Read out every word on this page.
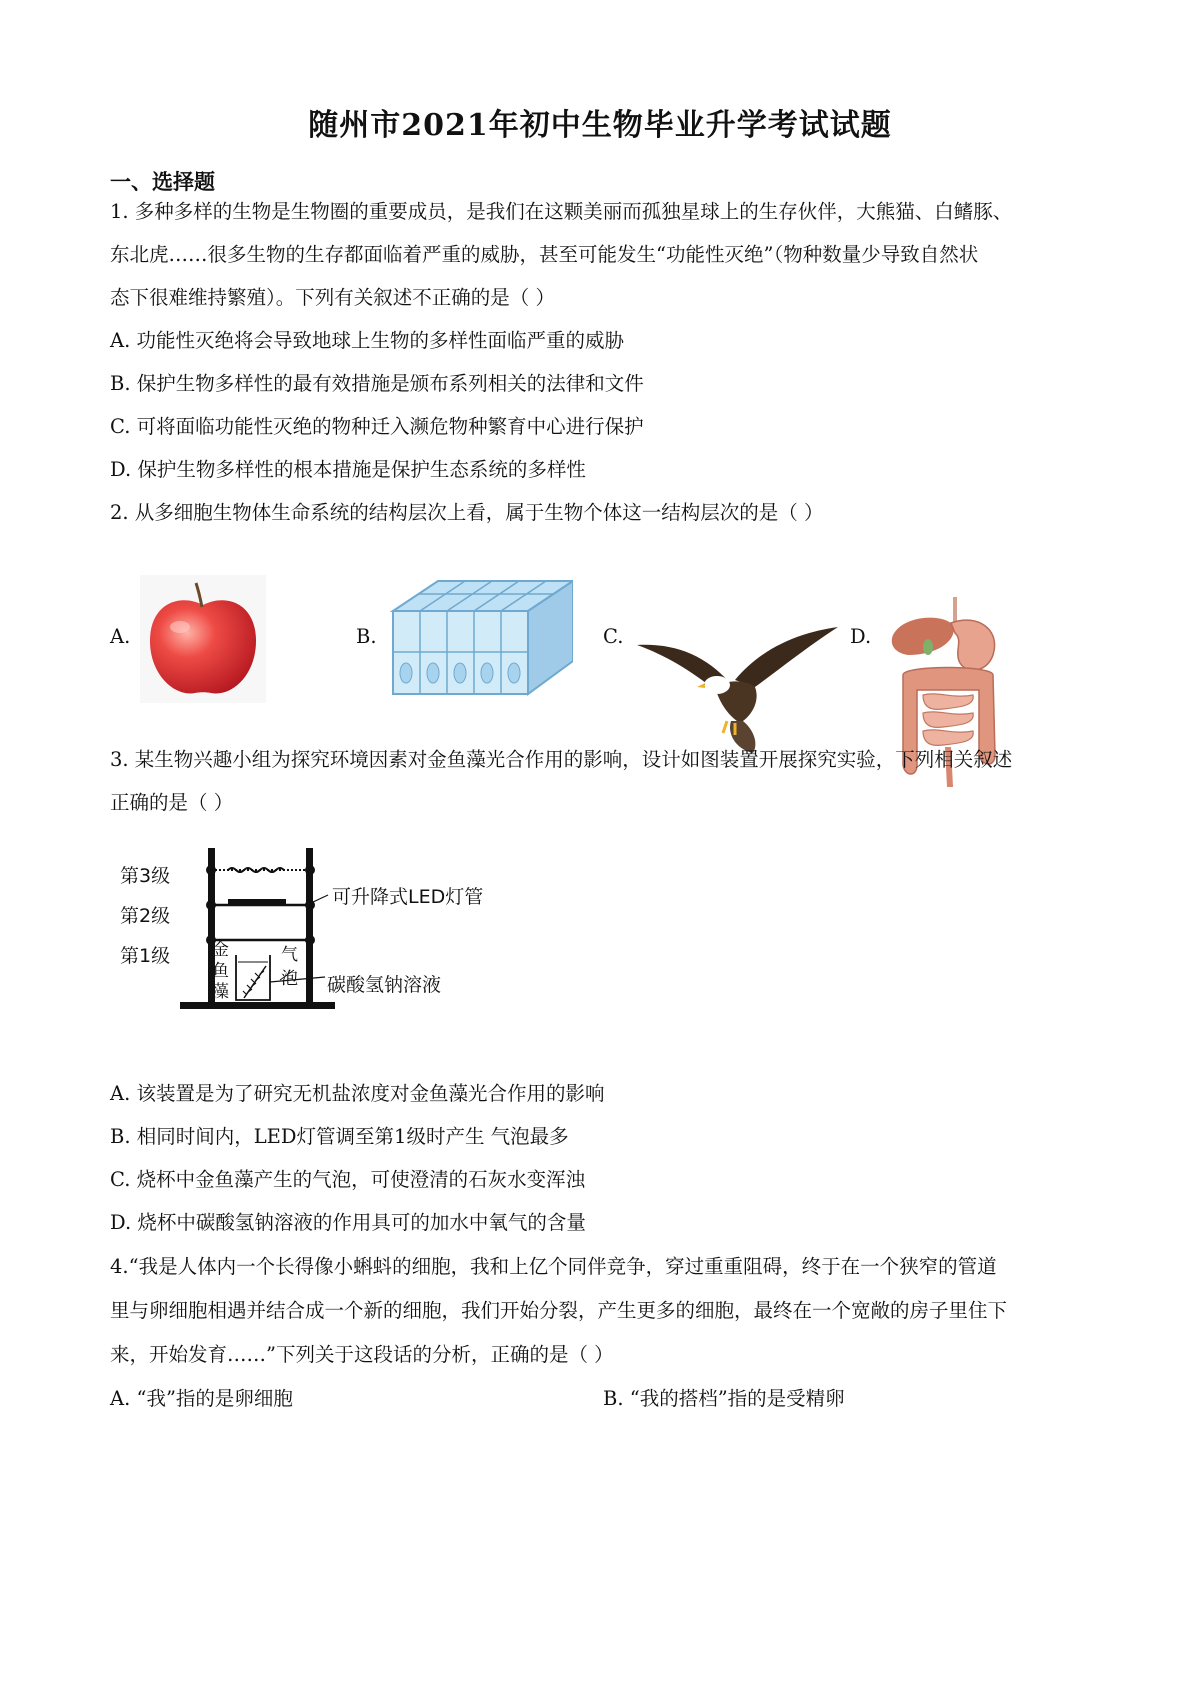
随州市2021年初中生物毕业升学考试试题
一、选择题
1. 多种多样的生物是生物圈的重要成员，是我们在这颗美丽而孤独星球上的生存伙伴，大熊猫、白鳍豚、
东北虎……很多生物的生存都面临着严重的威胁，甚至可能发生“功能性灭绝”（物种数量少导致自然状
态下很难维持繁殖）。下列有关叙述不正确的是（ ）
A. 功能性灭绝将会导致地球上生物的多样性面临严重的威胁
B. 保护生物多样性的最有效措施是颁布系列相关的法律和文件
C. 可将面临功能性灭绝的物种迁入濒危物种繁育中心进行保护
D. 保护生物多样性的根本措施是保护生态系统的多样性
2. 从多细胞生物体生命系统的结构层次上看，属于生物个体这一结构层次的是（ ）
A.	B.	C.	D.
3. 某生物兴趣小组为探究环境因素对金鱼藻光合作用的影响，设计如图装置开展探究实验，下列相关叙述
正确的是（ ）
第3级
第2级
第1级
可升降式LED灯管
金
鱼
藻
气
泡 碳酸氢钠溶液
A. 该装置是为了研究无机盐浓度对金鱼藻光合作用的影响
B. 相同时间内，LED灯管调至第1级时产生 气泡最多
C. 烧杯中金鱼藻产生的气泡，可使澄清的石灰水变浑浊
D. 烧杯中碳酸氢钠溶液的作用具可的加水中氧气的含量
4.“我是人体内一个长得像小蝌蚪的细胞，我和上亿个同伴竞争，穿过重重阻碍，终于在一个狭窄的管道
里与卵细胞相遇并结合成一个新的细胞，我们开始分裂，产生更多的细胞，最终在一个宽敞的房子里住下
来，开始发育……”下列关于这段话的分析，正确的是（ ）
A. “我”指的是卵细胞	B. “我的搭档”指的是受精卵
